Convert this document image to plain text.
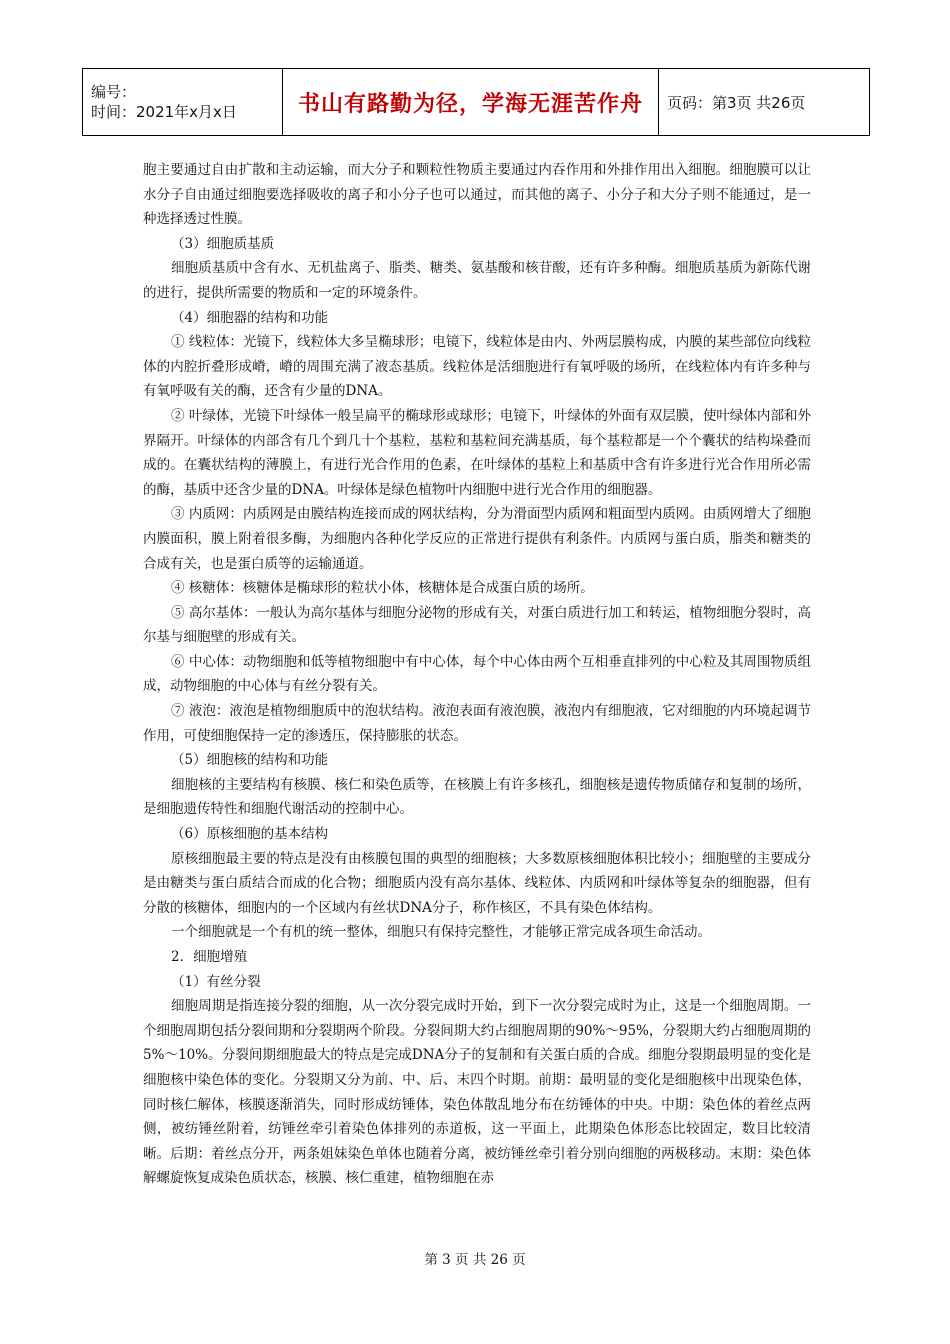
编号：
时间：2021年x月x日	书山有路勤为径，学海无涯苦作舟 页码：第3页 共26页

胞主要通过自由扩散和主动运输，而大分子和颗粒性物质主要通过内吞作用和外排作用出入细胞。细胞膜可以让水分子自由通过细胞要选择吸收的离子和小分子也可以通过，而其他的离子、小分子和大分子则不能通过，是一种选择透过性膜。

（3）细胞质基质

细胞质基质中含有水、无机盐离子、脂类、糖类、氨基酸和核苷酸，还有许多种酶。细胞质基质为新陈代谢的进行，提供所需要的物质和一定的环境条件。

（4）细胞器的结构和功能

① 线粒体：光镜下，线粒体大多呈椭球形；电镜下，线粒体是由内、外两层膜构成，内膜的某些部位向线粒体的内腔折叠形成嵴，嵴的周围充满了液态基质。线粒体是活细胞进行有氧呼吸的场所，在线粒体内有许多种与有氧呼吸有关的酶，还含有少量的DNA。

② 叶绿体，光镜下叶绿体一般呈扁平的椭球形或球形；电镜下，叶绿体的外面有双层膜，使叶绿体内部和外界隔开。叶绿体的内部含有几个到几十个基粒，基粒和基粒间充满基质，每个基粒都是一个个囊状的结构垛叠而成的。在囊状结构的薄膜上，有进行光合作用的色素，在叶绿体的基粒上和基质中含有许多进行光合作用所必需的酶，基质中还含少量的DNA。叶绿体是绿色植物叶内细胞中进行光合作用的细胞器。

③ 内质网：内质网是由膜结构连接而成的网状结构，分为滑面型内质网和粗面型内质网。由质网增大了细胞内膜面积，膜上附着很多酶，为细胞内各种化学反应的正常进行提供有利条件。内质网与蛋白质，脂类和糖类的合成有关，也是蛋白质等的运输通道。

④ 核糖体：核糖体是椭球形的粒状小体，核糖体是合成蛋白质的场所。

⑤ 高尔基体：一般认为高尔基体与细胞分泌物的形成有关，对蛋白质进行加工和转运，植物细胞分裂时，高尔基与细胞壁的形成有关。

⑥ 中心体：动物细胞和低等植物细胞中有中心体，每个中心体由两个互相垂直排列的中心粒及其周围物质组成，动物细胞的中心体与有丝分裂有关。

⑦ 液泡：液泡是植物细胞质中的泡状结构。液泡表面有液泡膜，液泡内有细胞液，它对细胞的内环境起调节作用，可使细胞保持一定的渗透压，保持膨胀的状态。

（5）细胞核的结构和功能

细胞核的主要结构有核膜、核仁和染色质等，在核膜上有许多核孔，细胞核是遗传物质储存和复制的场所，是细胞遗传特性和细胞代谢活动的控制中心。

（6）原核细胞的基本结构

原核细胞最主要的特点是没有由核膜包围的典型的细胞核；大多数原核细胞体积比较小；细胞壁的主要成分是由糖类与蛋白质结合而成的化合物；细胞质内没有高尔基体、线粒体、内质网和叶绿体等复杂的细胞器，但有分散的核糖体，细胞内的一个区域内有丝状DNA分子，称作核区，不具有染色体结构。

一个细胞就是一个有机的统一整体，细胞只有保持完整性，才能够正常完成各项生命活动。

2．细胞增殖

（1）有丝分裂

细胞周期是指连接分裂的细胞，从一次分裂完成时开始，到下一次分裂完成时为止，这是一个细胞周期。一个细胞周期包括分裂间期和分裂期两个阶段。分裂间期大约占细胞周期的90%～95%，分裂期大约占细胞周期的5%～10%。分裂间期细胞最大的特点是完成DNA分子的复制和有关蛋白质的合成。细胞分裂期最明显的变化是细胞核中染色体的变化。分裂期又分为前、中、后、末四个时期。前期：最明显的变化是细胞核中出现染色体，同时核仁解体，核膜逐渐消失，同时形成纺锤体，染色体散乱地分布在纺锤体的中央。中期：染色体的着丝点两侧，被纺锤丝附着，纺锤丝牵引着染色体排列的赤道板，这一平面上，此期染色体形态比较固定，数目比较清晰。后期：着丝点分开，两条姐妹染色单体也随着分离，被纺锤丝牵引着分别向细胞的两极移动。末期：染色体解螺旋恢复成染色质状态，核膜、核仁重建，植物细胞在赤

第 3 页 共 26 页
